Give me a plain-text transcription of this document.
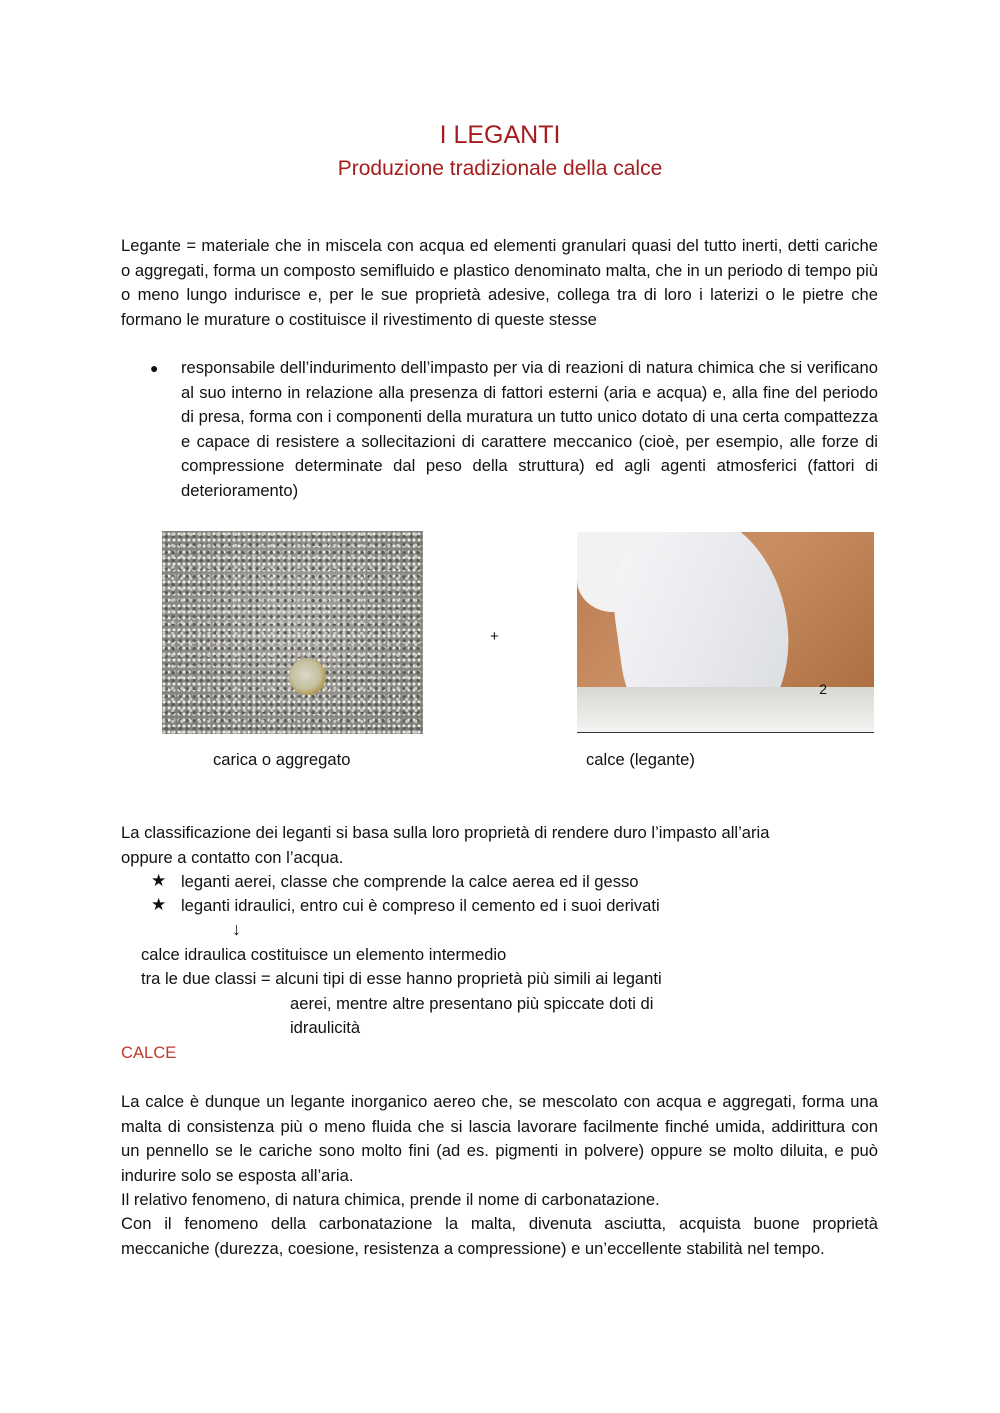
I LEGANTI
Produzione tradizionale della calce

Legante = materiale che in miscela con acqua ed elementi granulari quasi del tutto inerti, detti cariche o aggregati, forma un composto semifluido e plastico denominato malta, che in un periodo di tempo più o meno lungo indurisce e, per le sue proprietà adesive, collega tra di loro i laterizi o le pietre che formano le murature o costituisce il rivestimento di queste stesse

● responsabile dell’indurimento dell’impasto per via di reazioni di natura chimica che si verificano al suo interno in relazione alla presenza di fattori esterni (aria e acqua) e, alla fine del periodo di presa, forma con i componenti della muratura un tutto unico dotato di una certa compattezza e capace di resistere a sollecitazioni di carattere meccanico (cioè, per esempio, alle forze di compressione determinate dal peso della struttura) ed agli agenti atmosferici (fattori di deterioramento)

+
2
carica o aggregato	calce (legante)
La classificazione dei leganti si basa sulla loro proprietà di rendere duro l’impasto all’aria
oppure a contatto con l’acqua.
★ leganti aerei, classe che comprende la calce aerea ed il gesso
★ leganti idraulici, entro cui è compreso il cemento ed i suoi derivati
↓
calce idraulica costituisce un elemento intermedio
tra le due classi = alcuni tipi di esse hanno proprietà più simili ai leganti
aerei, mentre altre presentano più spiccate doti di
idraulicità
CALCE

La calce è dunque un legante inorganico aereo che, se mescolato con acqua e aggregati, forma una malta di consistenza più o meno fluida che si lascia lavorare facilmente finché umida, addirittura con un pennello se le cariche sono molto fini (ad es. pigmenti in polvere) oppure se molto diluita, e può indurire solo se esposta all’aria.

Il relativo fenomeno, di natura chimica, prende il nome di carbonatazione.

Con il fenomeno della carbonatazione la malta, divenuta asciutta, acquista buone proprietà meccaniche (durezza, coesione, resistenza a compressione) e un’eccellente stabilità nel tempo.
